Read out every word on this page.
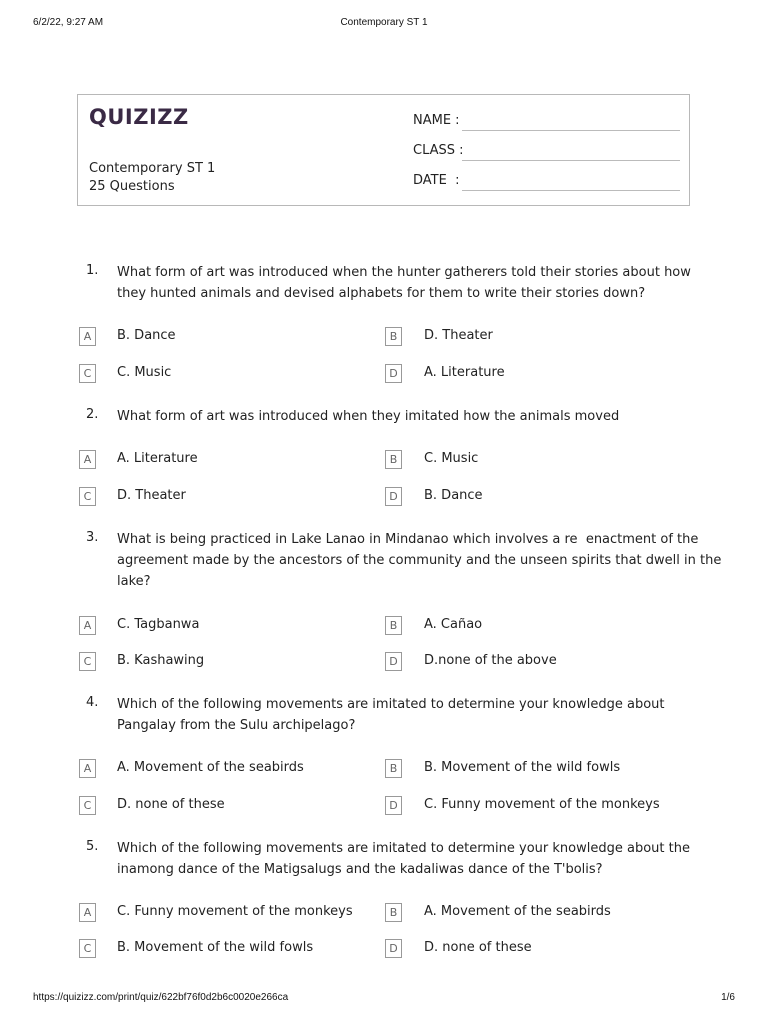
6/2/22, 9:27 AM	Contemporary ST 1
QUIZIZZ
Contemporary ST 1
25 Questions
NAME :
CLASS :
DATE  :
1. What form of art was introduced when the hunter gatherers told their stories about how
they hunted animals and devised alphabets for them to write their stories down?
A	B. Dance	B	D. Theater
C	C. Music	D	A. Literature
2. What form of art was introduced when they imitated how the animals moved
A	A. Literature	B	C. Music
C	D. Theater	D	B. Dance
3. What is being practiced in Lake Lanao in Mindanao which involves a re  enactment of the
agreement made by the ancestors of the community and the unseen spirits that dwell in the
lake?
A	C. Tagbanwa	B	A. Cañao
C	B. Kashawing	D	D.none of the above
4. Which of the following movements are imitated to determine your knowledge about
Pangalay from the Sulu archipelago?
A	A. Movement of the seabirds	B	B. Movement of the wild fowls
C	D. none of these	D	C. Funny movement of the monkeys
5. Which of the following movements are imitated to determine your knowledge about the
inamong dance of the Matigsalugs and the kadaliwas dance of the T'bolis?
A	C. Funny movement of the monkeys	B	A. Movement of the seabirds
C	B. Movement of the wild fowls	D	D. none of these
https://quizizz.com/print/quiz/622bf76f0d2b6c0020e266ca	1/6
